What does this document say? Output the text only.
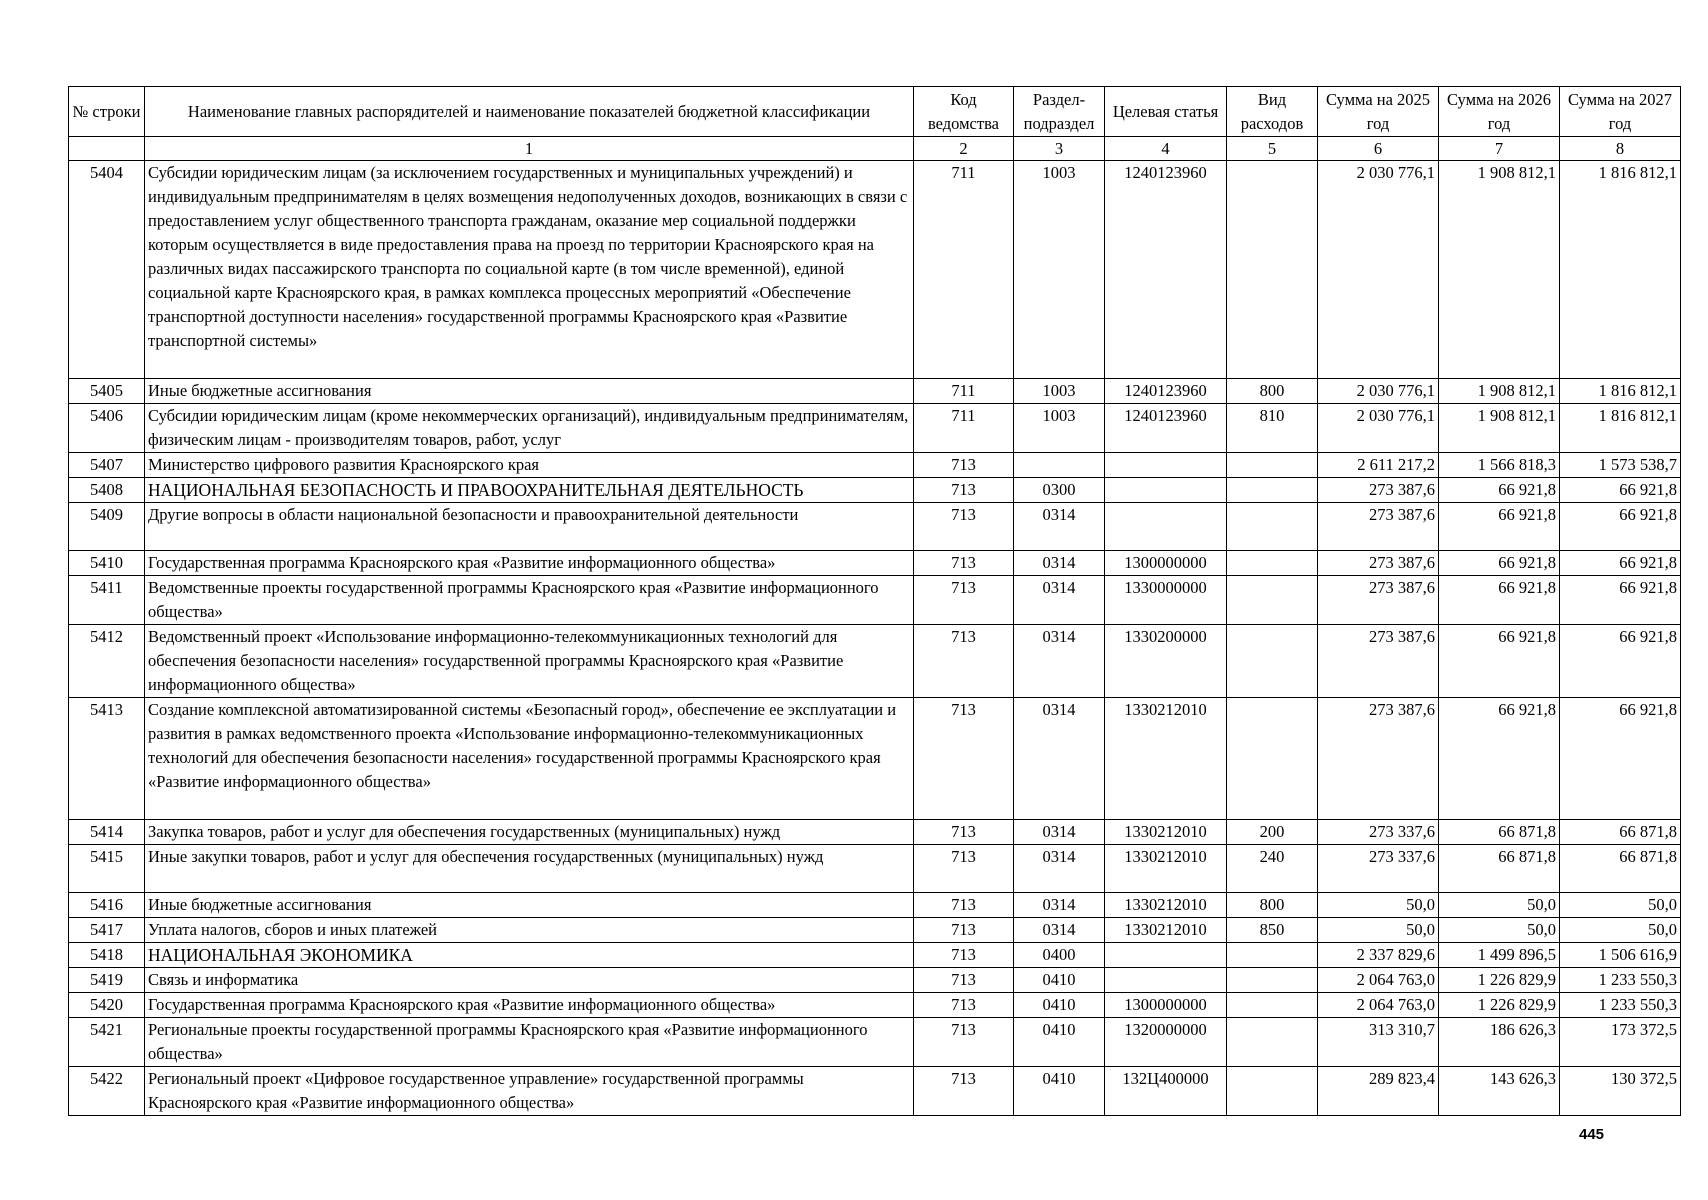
№ строки	Наименование главных распорядителей и наименование показателей бюджетной классификации	Код ведомства	Раздел- подраздел	Целевая статья	Вид расходов	Сумма на 2025 год	Сумма на 2026 год	Сумма на 2027 год
	1	2	3	4	5	6	7	8
5404	Субсидии юридическим лицам (за исключением государственных и муниципальных учреждений) и индивидуальным предпринимателям в целях возмещения недополученных доходов, возникающих в связи с предоставлением услуг общественного транспорта гражданам, оказание мер социальной поддержки которым осуществляется в виде предоставления права на проезд по территории Красноярского края на различных видах пассажирского транспорта по социальной карте (в том числе временной), единой социальной карте Красноярского края, в рамках комплекса процессных мероприятий «Обеспечение транспортной доступности населения» государственной программы Красноярского края «Развитие транспортной системы»	711	1003	1240123960		2 030 776,1	1 908 812,1	1 816 812,1
5405	Иные бюджетные ассигнования	711	1003	1240123960	800	2 030 776,1	1 908 812,1	1 816 812,1
5406	Субсидии юридическим лицам (кроме некоммерческих организаций), индивидуальным предпринимателям, физическим лицам - производителям товаров, работ, услуг	711	1003	1240123960	810	2 030 776,1	1 908 812,1	1 816 812,1
5407	Министерство цифрового развития Красноярского края	713				2 611 217,2	1 566 818,3	1 573 538,7
5408	НАЦИОНАЛЬНАЯ БЕЗОПАСНОСТЬ И ПРАВООХРАНИТЕЛЬНАЯ ДЕЯТЕЛЬНОСТЬ	713	0300			273 387,6	66 921,8	66 921,8
5409	Другие вопросы в области национальной безопасности и правоохранительной деятельности	713	0314			273 387,6	66 921,8	66 921,8
5410	Государственная программа Красноярского края «Развитие информационного общества»	713	0314	1300000000		273 387,6	66 921,8	66 921,8
5411	Ведомственные проекты государственной программы Красноярского края «Развитие информационного общества»	713	0314	1330000000		273 387,6	66 921,8	66 921,8
5412	Ведомственный проект «Использование информационно-телекоммуникационных технологий для обеспечения безопасности населения» государственной программы Красноярского края «Развитие информационного общества»	713	0314	1330200000		273 387,6	66 921,8	66 921,8
5413	Создание комплексной автоматизированной системы «Безопасный город», обеспечение ее эксплуатации и развития в рамках ведомственного проекта «Использование информационно-телекоммуникационных технологий для обеспечения безопасности населения» государственной программы Красноярского края «Развитие информационного общества»	713	0314	1330212010		273 387,6	66 921,8	66 921,8
5414	Закупка товаров, работ и услуг для обеспечения государственных (муниципальных) нужд	713	0314	1330212010	200	273 337,6	66 871,8	66 871,8
5415	Иные закупки товаров, работ и услуг для обеспечения государственных (муниципальных) нужд	713	0314	1330212010	240	273 337,6	66 871,8	66 871,8
5416	Иные бюджетные ассигнования	713	0314	1330212010	800	50,0	50,0	50,0
5417	Уплата налогов, сборов и иных платежей	713	0314	1330212010	850	50,0	50,0	50,0
5418	НАЦИОНАЛЬНАЯ ЭКОНОМИКА	713	0400			2 337 829,6	1 499 896,5	1 506 616,9
5419	Связь и информатика	713	0410			2 064 763,0	1 226 829,9	1 233 550,3
5420	Государственная программа Красноярского края «Развитие информационного общества»	713	0410	1300000000		2 064 763,0	1 226 829,9	1 233 550,3
5421	Региональные проекты государственной программы Красноярского края «Развитие информационного общества»	713	0410	1320000000		313 310,7	186 626,3	173 372,5
5422	Региональный проект «Цифровое государственное управление» государственной программы Красноярского края «Развитие информационного общества»	713	0410	132Ц400000		289 823,4	143 626,3	130 372,5
445
